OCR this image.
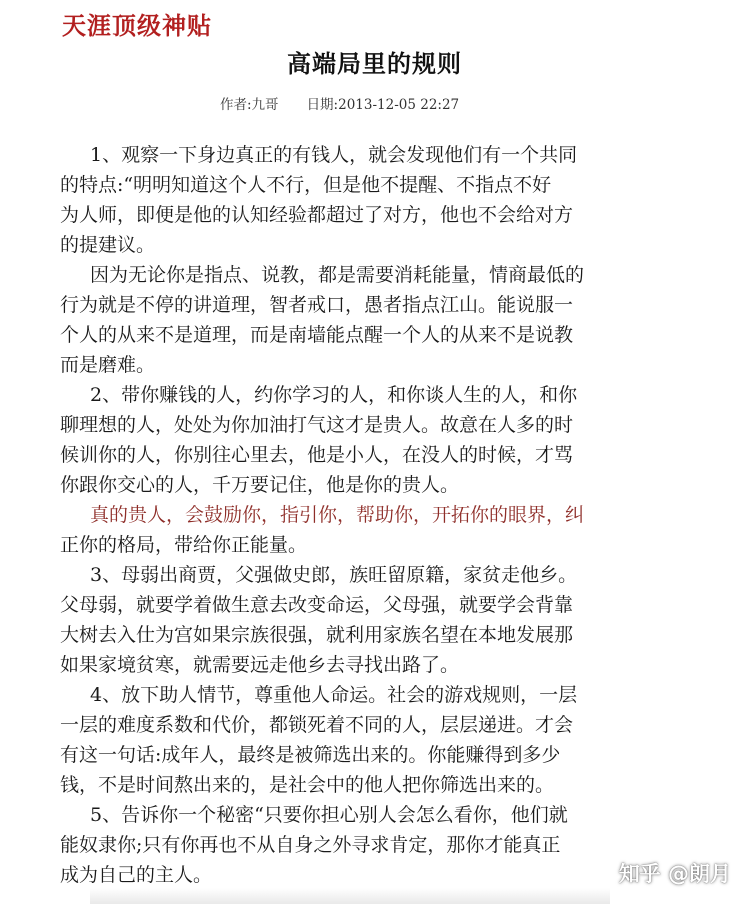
天涯顶级神贴
高端局里的规则
作者:九哥 日期:2013-12-05 22:27
1、观察一下身边真正的有钱人，就会发现他们有一个共同
的特点:“明明知道这个人不行，但是他不提醒、不指点不好
为人师，即便是他的认知经验都超过了对方，他也不会给对方
的提建议。
因为无论你是指点、说教，都是需要消耗能量，情商最低的
行为就是不停的讲道理，智者戒口，愚者指点江山。能说服一
个人的从来不是道理，而是南墙能点醒一个人的从来不是说教
而是磨难。
2、带你赚钱的人，约你学习的人，和你谈人生的人，和你
聊理想的人，处处为你加油打气这才是贵人。故意在人多的时
候训你的人，你别往心里去，他是小人，在没人的时候，才骂
你跟你交心的人，千万要记住，他是你的贵人。
真的贵人，会鼓励你，指引你，帮助你，开拓你的眼界，纠
正你的格局，带给你正能量。
3、母弱出商贾，父强做史郎，族旺留原籍，家贫走他乡。
父母弱，就要学着做生意去改变命运，父母强，就要学会背靠
大树去入仕为宫如果宗族很强，就利用家族名望在本地发展那
如果家境贫寒，就需要远走他乡去寻找出路了。
4、放下助人情节，尊重他人命运。社会的游戏规则，一层
一层的难度系数和代价，都锁死着不同的人，层层递进。才会
有这一句话:成年人，最终是被筛选出来的。你能赚得到多少
钱，不是时间熬出来的，是社会中的他人把你筛选出来的。
5、告诉你一个秘密“只要你担心别人会怎么看你，他们就
能奴隶你;只有你再也不从自身之外寻求肯定，那你才能真正
成为自己的主人。	知乎 @朗月
